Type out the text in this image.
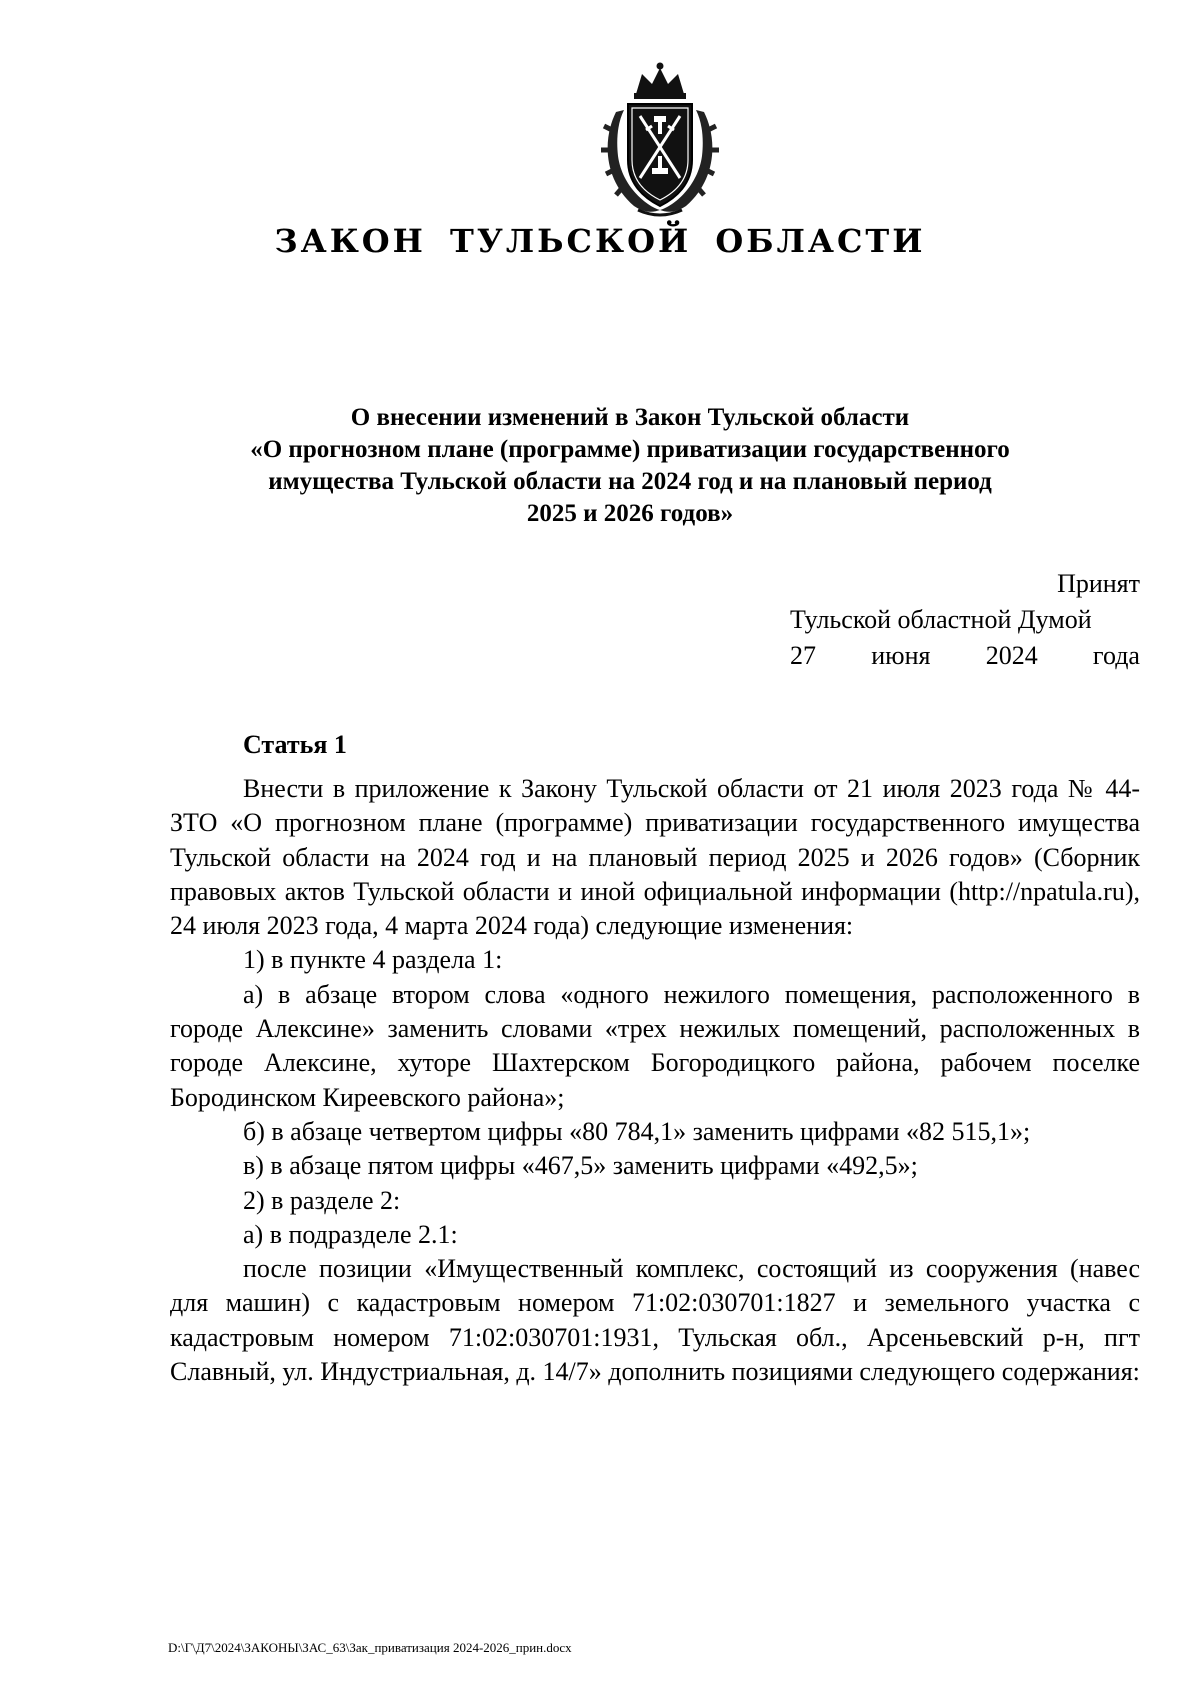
ЗАКОН ТУЛЬСКОЙ ОБЛАСТИ
О внесении изменений в Закон Тульской области
«О прогнозном плане (программе) приватизации государственного
имущества Тульской области на 2024 год и на плановый период
2025 и 2026 годов»
Принят
Тульской областной Думой
27 июня 2024 года
Статья 1

Внести в приложение к Закону Тульской области от 21 июля 2023 года № 44-ЗТО «О прогнозном плане (программе) приватизации государственного имущества Тульской области на 2024 год и на плановый период 2025 и 2026 годов» (Сборник правовых актов Тульской области и иной официальной информации (http://npatula.ru), 24 июля 2023 года, 4 марта 2024 года) следующие изменения:

1) в пункте 4 раздела 1:

а) в абзаце втором слова «одного нежилого помещения, расположенного в городе Алексине» заменить словами «трех нежилых помещений, расположенных в городе Алексине, хуторе Шахтерском Богородицкого района, рабочем поселке Бородинском Киреевского района»;

б) в абзаце четвертом цифры «80 784,1» заменить цифрами «82 515,1»;

в) в абзаце пятом цифры «467,5» заменить цифрами «492,5»;

2) в разделе 2:

а) в подразделе 2.1:

после позиции «Имущественный комплекс, состоящий из сооружения (навес для машин) с кадастровым номером 71:02:030701:1827 и земельного участка с кадастровым номером 71:02:030701:1931, Тульская обл., Арсеньевский р-н, пгт Славный, ул. Индустриальная, д. 14/7» дополнить позициями следующего содержания:

D:\Г\Д7\2024\ЗАКОНЫ\ЗАС_63\Зак_приватизация 2024-2026_прин.docx
